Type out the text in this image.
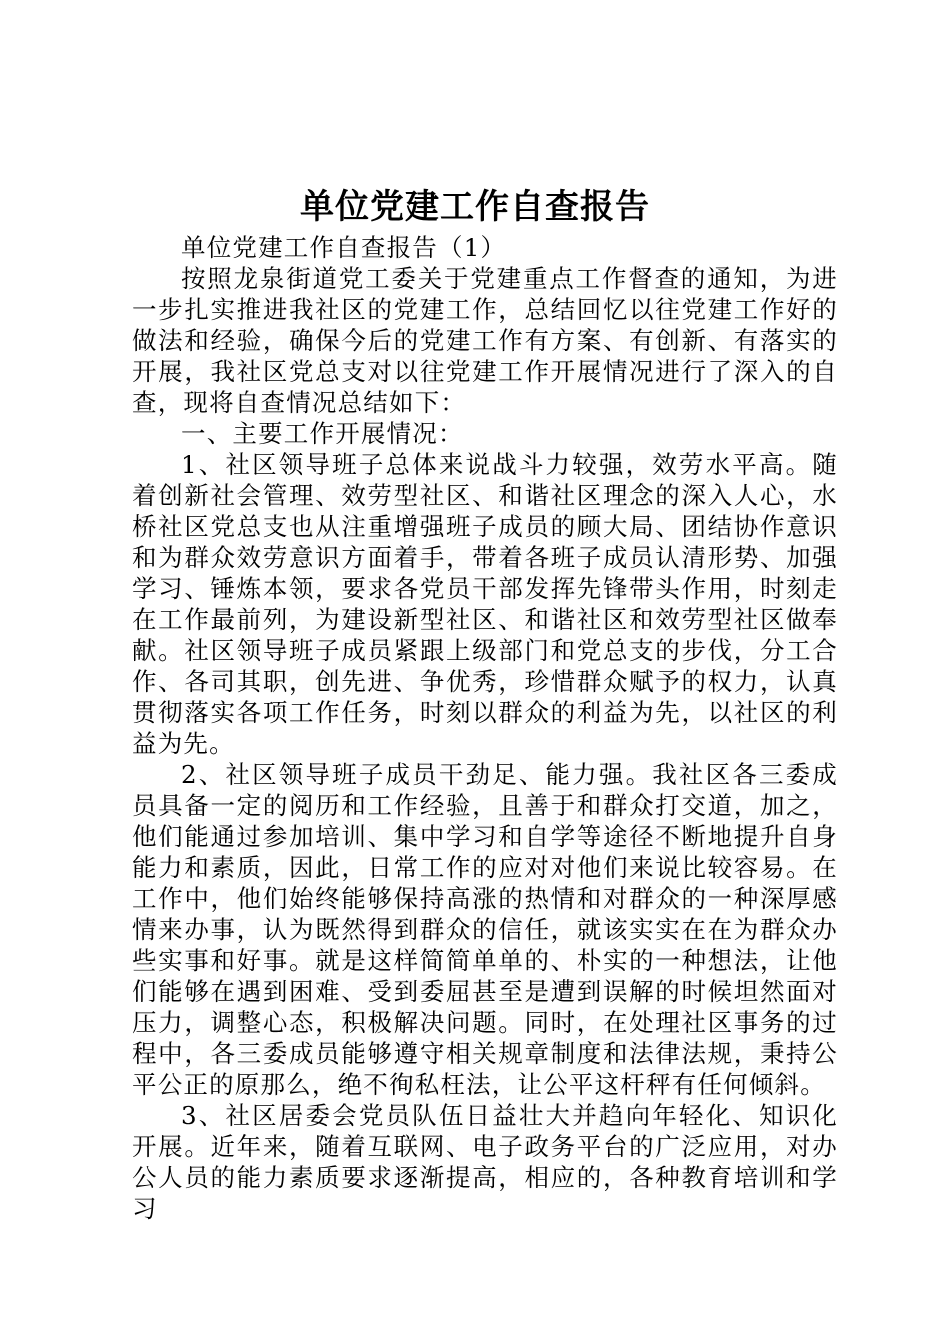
单位党建工作自查报告

单位党建工作自查报告（1）

按照龙泉街道党工委关于党建重点工作督查的通知，为进一步扎实推进我社区的党建工作，总结回忆以往党建工作好的做法和经验，确保今后的党建工作有方案、有创新、有落实的开展，我社区党总支对以往党建工作开展情况进行了深入的自查，现将自查情况总结如下：

一、主要工作开展情况：

1、社区领导班子总体来说战斗力较强，效劳水平高。随着创新社会管理、效劳型社区、和谐社区理念的深入人心，水桥社区党总支也从注重增强班子成员的顾大局、团结协作意识和为群众效劳意识方面着手，带着各班子成员认清形势、加强学习、锤炼本领，要求各党员干部发挥先锋带头作用，时刻走在工作最前列，为建设新型社区、和谐社区和效劳型社区做奉献。社区领导班子成员紧跟上级部门和党总支的步伐，分工合作、各司其职，创先进、争优秀，珍惜群众赋予的权力，认真贯彻落实各项工作任务，时刻以群众的利益为先，以社区的利益为先。

2、社区领导班子成员干劲足、能力强。我社区各三委成员具备一定的阅历和工作经验，且善于和群众打交道，加之，他们能通过参加培训、集中学习和自学等途径不断地提升自身能力和素质，因此，日常工作的应对对他们来说比较容易。在工作中，他们始终能够保持高涨的热情和对群众的一种深厚感情来办事，认为既然得到群众的信任，就该实实在在为群众办些实事和好事。就是这样简简单单的、朴实的一种想法，让他们能够在遇到困难、受到委屈甚至是遭到误解的时候坦然面对压力，调整心态，积极解决问题。同时，在处理社区事务的过程中，各三委成员能够遵守相关规章制度和法律法规，秉持公平公正的原那么，绝不徇私枉法，让公平这杆秤有任何倾斜。

3、社区居委会党员队伍日益壮大并趋向年轻化、知识化开展。近年来，随着互联网、电子政务平台的广泛应用，对办公人员的能力素质要求逐渐提高，相应的，各种教育培训和学习
